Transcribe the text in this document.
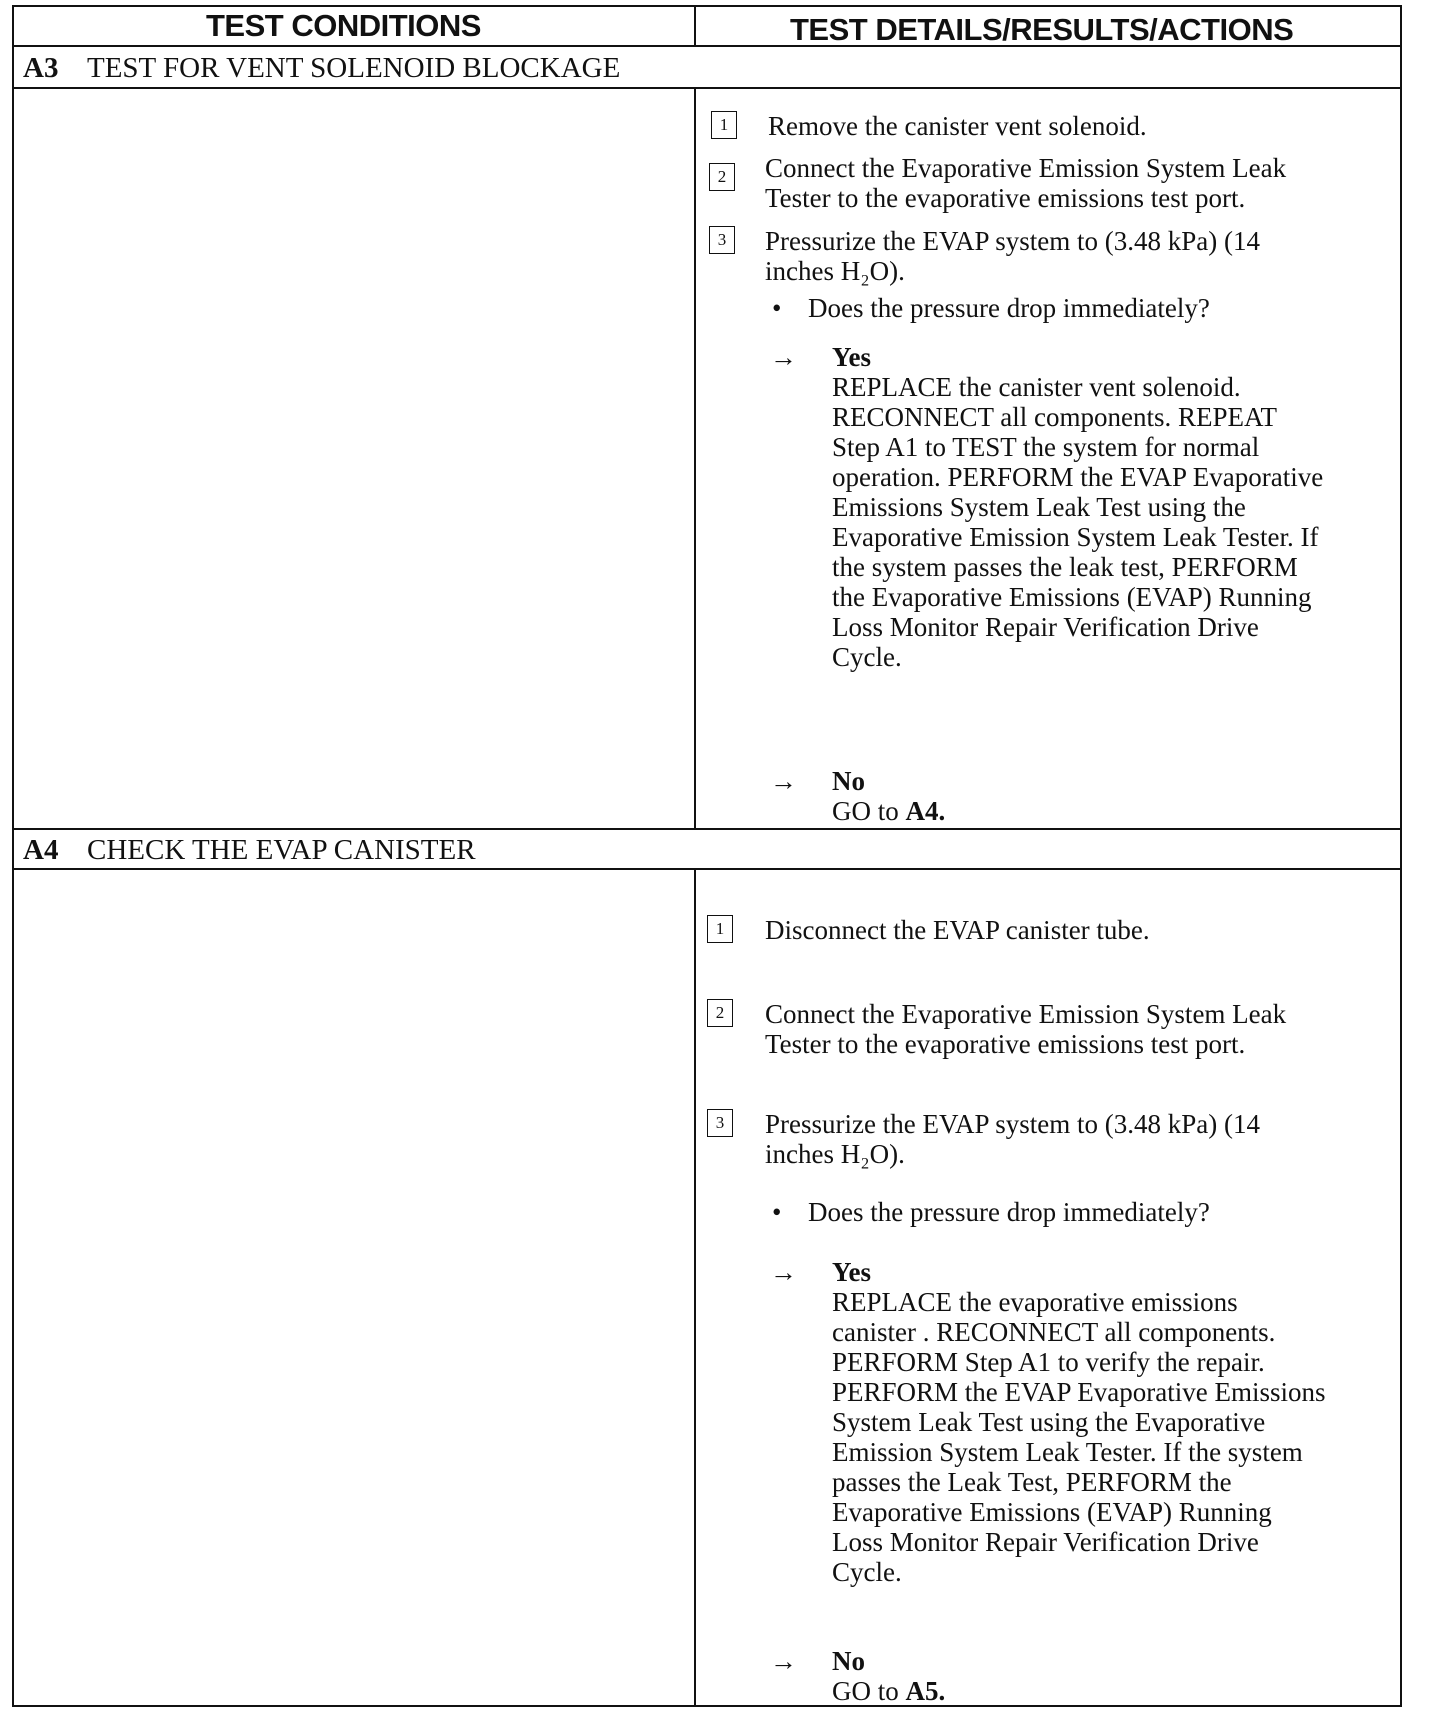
TEST CONDITIONS	TEST DETAILS/RESULTS/ACTIONS
A3 TEST FOR VENT SOLENOID BLOCKAGE
1	Remove the canister vent solenoid.
2	Connect the Evaporative Emission System Leak
Tester to the evaporative emissions test port.
3	Pressurize the EVAP system to (3.48 kPa) (14
inches H₂O).
• Does the pressure drop immediately?
→ Yes
REPLACE the canister vent solenoid.
RECONNECT all components. REPEAT
Step A1 to TEST the system for normal
operation. PERFORM the EVAP Evaporative
Emissions System Leak Test using the
Evaporative Emission System Leak Tester. If
the system passes the leak test, PERFORM
the Evaporative Emissions (EVAP) Running
Loss Monitor Repair Verification Drive
Cycle.
→ No
GO to A4.
A4 CHECK THE EVAP CANISTER
1	Disconnect the EVAP canister tube.
2	Connect the Evaporative Emission System Leak
Tester to the evaporative emissions test port.
3	Pressurize the EVAP system to (3.48 kPa) (14
inches H₂O).
• Does the pressure drop immediately?
→ Yes
REPLACE the evaporative emissions
canister . RECONNECT all components.
PERFORM Step A1 to verify the repair.
PERFORM the EVAP Evaporative Emissions
System Leak Test using the Evaporative
Emission System Leak Tester. If the system
passes the Leak Test, PERFORM the
Evaporative Emissions (EVAP) Running
Loss Monitor Repair Verification Drive
Cycle.
→ No
GO to A5.
